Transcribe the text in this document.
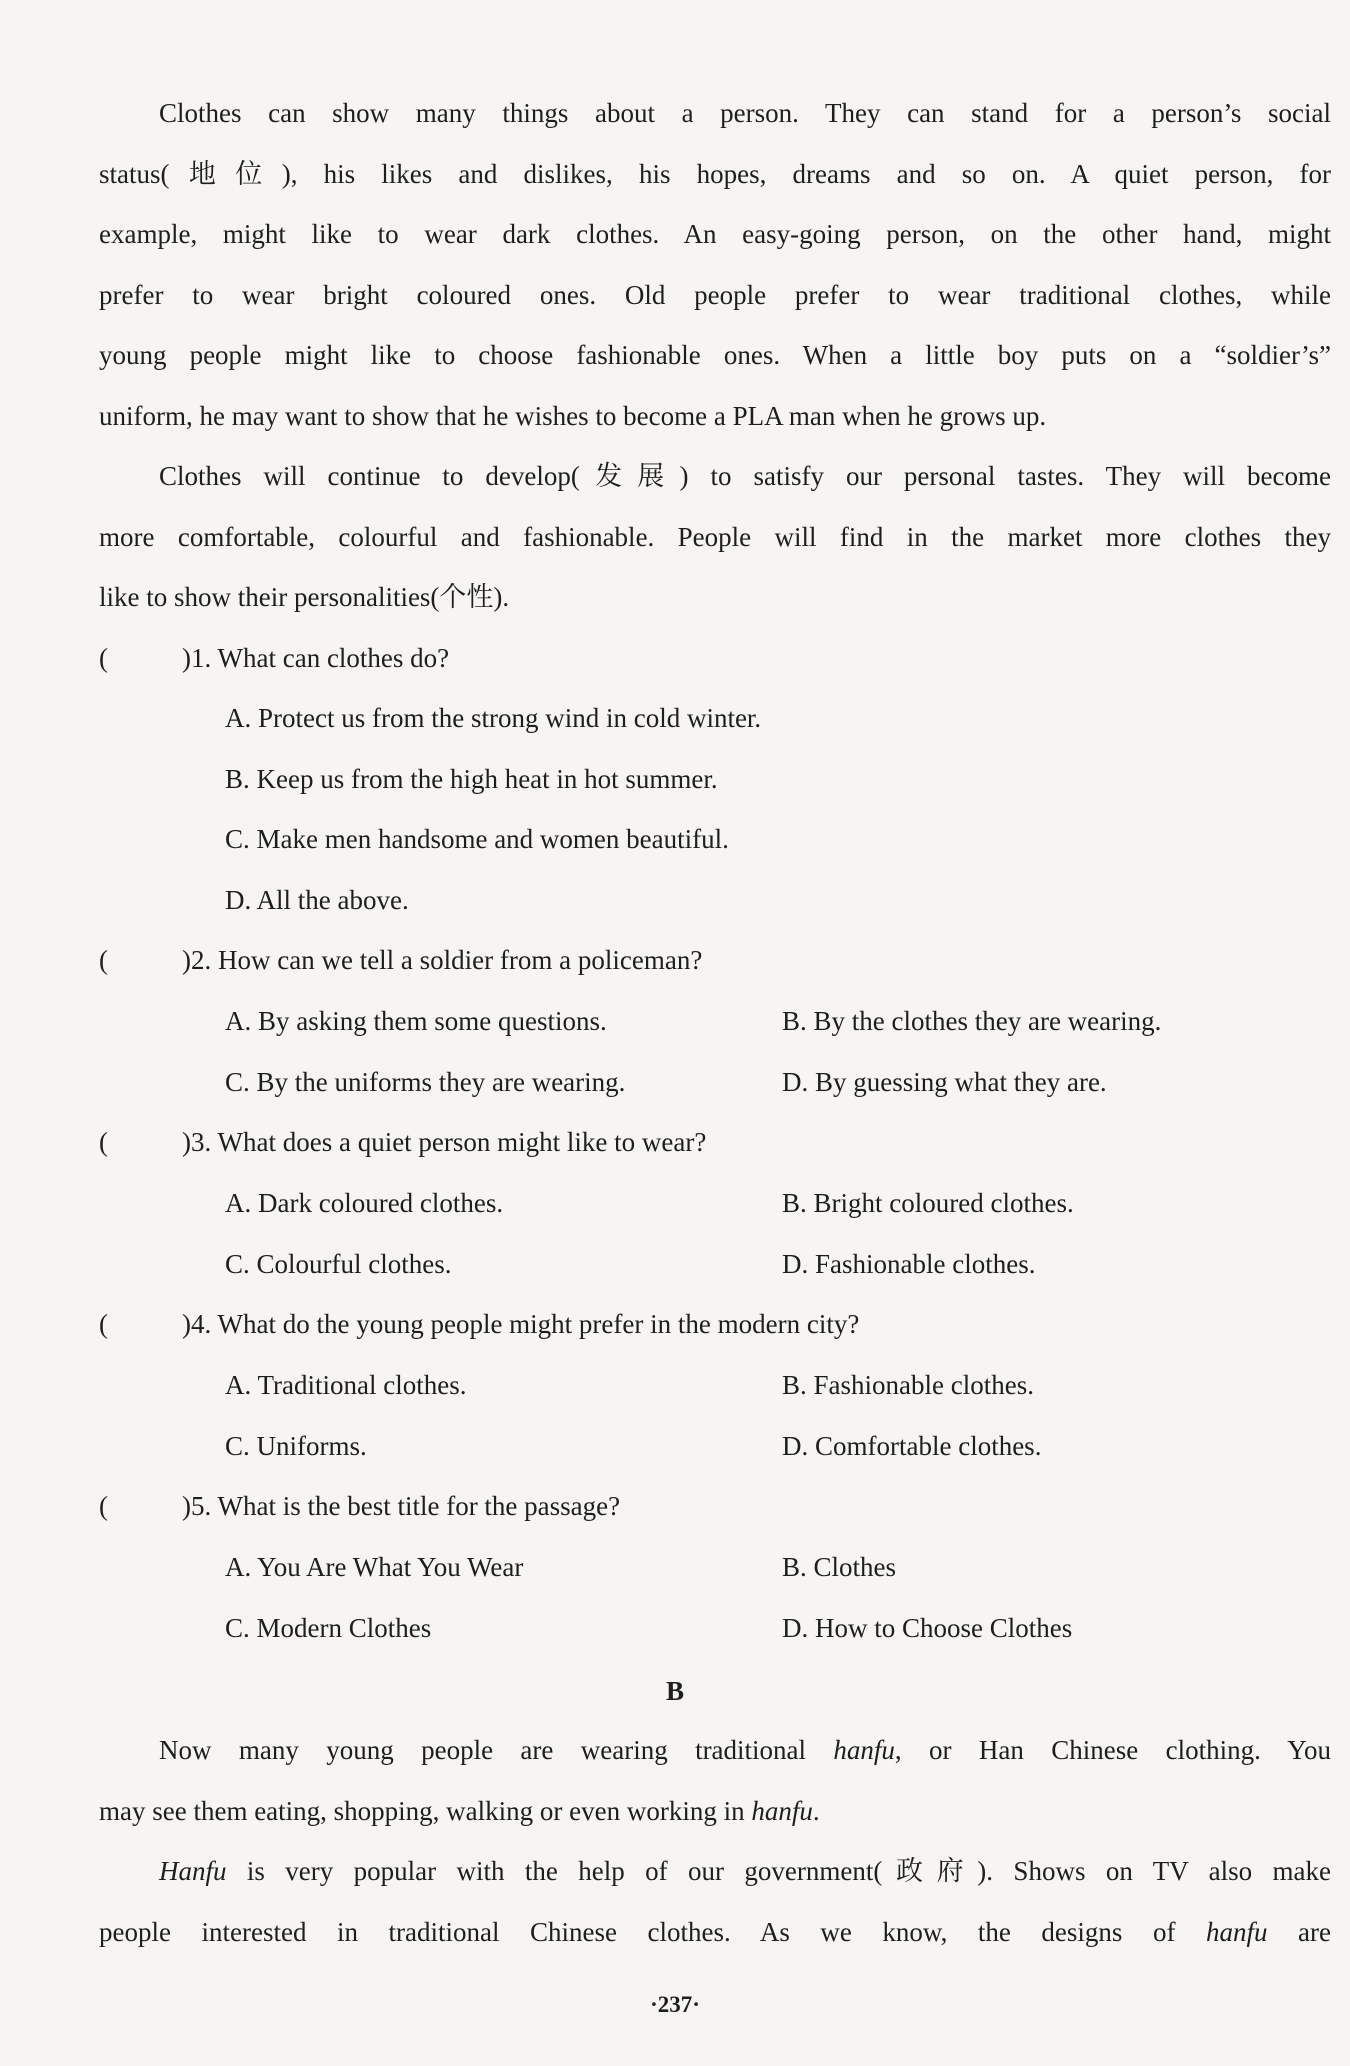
Clothes can show many things about a person. They can stand for a person’s social
status(地位), his likes and dislikes, his hopes, dreams and so on. A quiet person, for
example, might like to wear dark clothes. An easy-going person, on the other hand, might
prefer to wear bright coloured ones. Old people prefer to wear traditional clothes, while
young people might like to choose fashionable ones. When a little boy puts on a “soldier’s”
uniform, he may want to show that he wishes to become a PLA man when he grows up.
Clothes will continue to develop(发展) to satisfy our personal tastes. They will become
more comfortable, colourful and fashionable. People will find in the market more clothes they
like to show their personalities(个性).
(	)1. What can clothes do?
A. Protect us from the strong wind in cold winter.
B. Keep us from the high heat in hot summer.
C. Make men handsome and women beautiful.
D. All the above.
(	)2. How can we tell a soldier from a policeman?
A. By asking them some questions.	B. By the clothes they are wearing.
C. By the uniforms they are wearing.	D. By guessing what they are.
(	)3. What does a quiet person might like to wear?
A. Dark coloured clothes.	B. Bright coloured clothes.
C. Colourful clothes.	D. Fashionable clothes.
(	)4. What do the young people might prefer in the modern city?
A. Traditional clothes.	B. Fashionable clothes.
C. Uniforms.	D. Comfortable clothes.
(	)5. What is the best title for the passage?
A. You Are What You Wear	B. Clothes
C. Modern Clothes	D. How to Choose Clothes
B
Now many young people are wearing traditional hanfu, or Han Chinese clothing. You
may see them eating, shopping, walking or even working in hanfu.
Hanfu is very popular with the help of our government(政府). Shows on TV also make
people interested in traditional Chinese clothes. As we know, the designs of hanfu are
·237·
